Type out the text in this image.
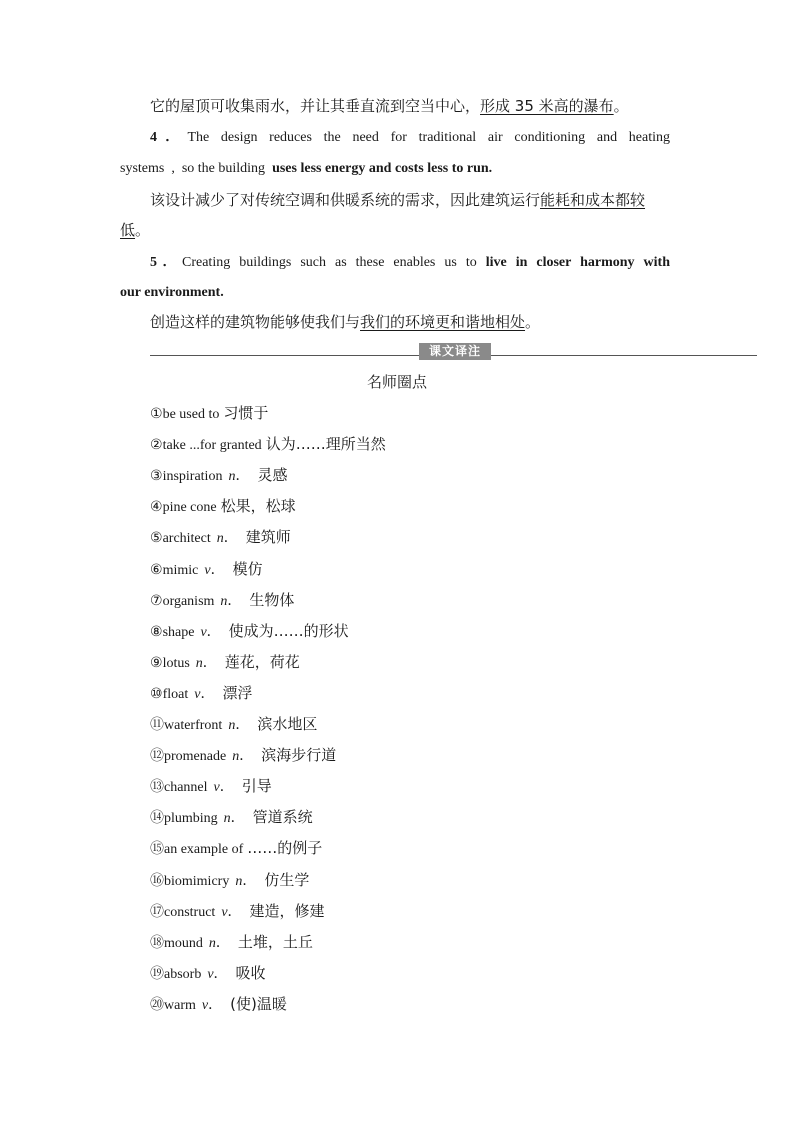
它的屋顶可收集雨水，并让其垂直流到空当中心，形成 35 米高的瀑布。
4．The design reduces the need for traditional air conditioning and heating
systems  ,  so the building  uses less energy and costs less to run.
该设计减少了对传统空调和供暖系统的需求，因此建筑运行能耗和成本都较
低。
5．Creating buildings such as these enables us to live in closer harmony with
our environment.
创造这样的建筑物能够使我们与我们的环境更和谐地相处。
课文译注
名师圈点
①be used to 习惯于
②take ...for granted 认为……理所当然
③inspiration n． 灵感
④pine cone 松果，松球
⑤architect n． 建筑师
⑥mimic v． 模仿
⑦organism n． 生物体
⑧shape v． 使成为……的形状
⑨lotus n． 莲花，荷花
⑩float v． 漂浮
⑪waterfront n． 滨水地区
⑫promenade n． 滨海步行道
⑬channel v． 引导
⑭plumbing n． 管道系统
⑮an example of ……的例子
⑯biomimicry n． 仿生学
⑰construct v． 建造，修建
⑱mound n． 土堆，土丘
⑲absorb v． 吸收
⑳warm v． (使)温暖
